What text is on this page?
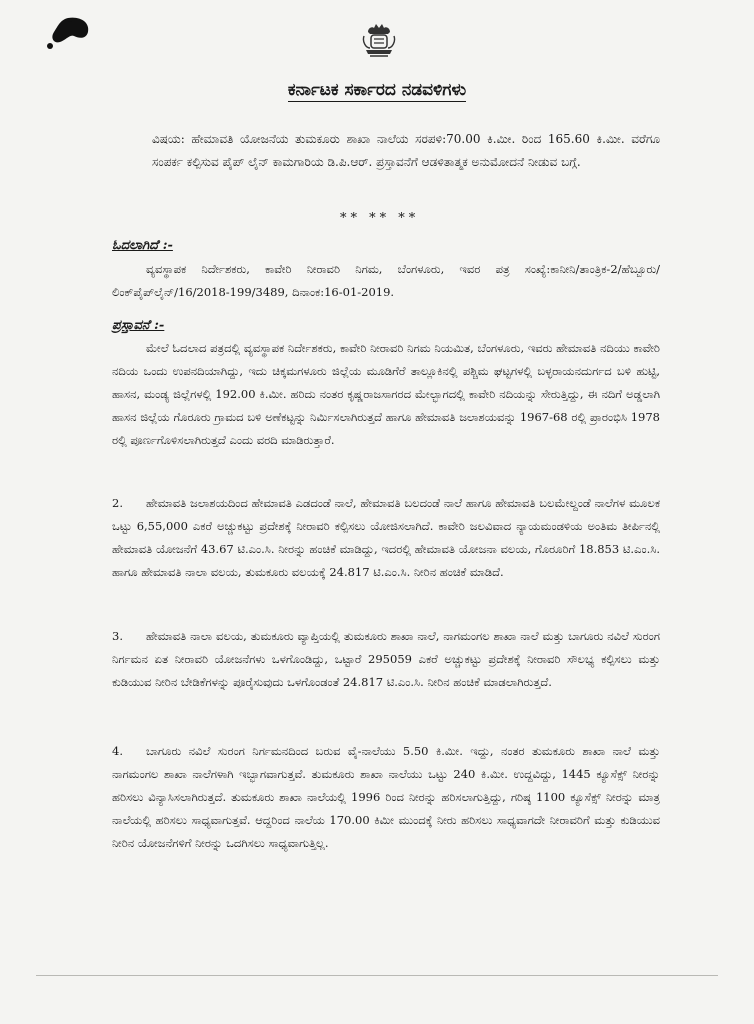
ಕರ್ನಾಟಕ ಸರ್ಕಾರದ ನಡವಳಿಗಳು
ವಿಷಯ: ಹೇಮಾವತಿ ಯೋಜನೆಯ ತುಮಕೂರು ಶಾಖಾ ನಾಲೆಯ ಸರಪಳಿ:70.00 ಕಿ.ಮೀ. ರಿಂದ 165.60 ಕಿ.ಮೀ. ವರೆಗೂ ಸಂಪರ್ಕ ಕಲ್ಪಿಸುವ ಪೈಪ್ ಲೈನ್ ಕಾಮಗಾರಿಯ ಡಿ.ಪಿ.ಆರ್. ಪ್ರಸ್ತಾವನೆಗೆ ಆಡಳಿತಾತ್ಮಕ ಅನುಮೋದನೆ ನೀಡುವ ಬಗ್ಗೆ.
** ** **
ಓದಲಾಗಿದೆ :-
ವ್ಯವಸ್ಥಾಪಕ ನಿರ್ದೇಶಕರು, ಕಾವೇರಿ ನೀರಾವರಿ ನಿಗಮ, ಬೆಂಗಳೂರು, ಇವರ ಪತ್ರ ಸಂಖ್ಯೆ:ಕಾನೀನಿ/ತಾಂತ್ರಿಕ-2/ಹೆಬ್ಬೂರು/ಲಿಂಕ್‌ಪೈಪ್‌ಲೈನ್/16/2018-199/3489, ದಿನಾಂಕ:16-01-2019.
ಪ್ರಸ್ತಾವನೆ :-
ಮೇಲೆ ಓದಲಾದ ಪತ್ರದಲ್ಲಿ ವ್ಯವಸ್ಥಾಪಕ ನಿರ್ದೇಶಕರು, ಕಾವೇರಿ ನೀರಾವರಿ ನಿಗಮ ನಿಯಮಿತ, ಬೆಂಗಳೂರು, ಇವರು ಹೇಮಾವತಿ ನದಿಯು ಕಾವೇರಿ ನದಿಯ ಒಂದು ಉಪನದಿಯಾಗಿದ್ದು, ಇದು ಚಿಕ್ಕಮಗಳೂರು ಜಿಲ್ಲೆಯ ಮೂಡಿಗೆರೆ ತಾಲ್ಲೂಕಿನಲ್ಲಿ ಪಶ್ಚಿಮ ಘಟ್ಟಗಳಲ್ಲಿ ಬಳ್ಳರಾಯನದುರ್ಗದ ಬಳಿ ಹುಟ್ಟಿ, ಹಾಸನ, ಮಂಡ್ಯ ಜಿಲ್ಲೆಗಳಲ್ಲಿ 192.00 ಕಿ.ಮೀ. ಹರಿದು ನಂತರ ಕೃಷ್ಣರಾಜಸಾಗರದ ಮೇಲ್ಭಾಗದಲ್ಲಿ ಕಾವೇರಿ ನದಿಯನ್ನು ಸೇರುತ್ತಿದ್ದು, ಈ ನದಿಗೆ ಅಡ್ಡಲಾಗಿ ಹಾಸನ ಜಿಲ್ಲೆಯ ಗೊರೂರು ಗ್ರಾಮದ ಬಳಿ ಅಣೆಕಟ್ಟನ್ನು ನಿರ್ಮಿಸಲಾಗಿರುತ್ತದೆ ಹಾಗೂ ಹೇಮಾವತಿ ಜಲಾಶಯವನ್ನು 1967-68 ರಲ್ಲಿ ಪ್ರಾರಂಭಿಸಿ 1978 ರಲ್ಲಿ ಪೂರ್ಣಗೊಳಿಸಲಾಗಿರುತ್ತದೆ ಎಂದು ವರದಿ ಮಾಡಿರುತ್ತಾರೆ.
2. ಹೇಮಾವತಿ ಜಲಾಶಯದಿಂದ ಹೇಮಾವತಿ ಎಡದಂಡೆ ನಾಲೆ, ಹೇಮಾವತಿ ಬಲದಂಡೆ ನಾಲೆ ಹಾಗೂ ಹೇಮಾವತಿ ಬಲಮೇಲ್ದಂಡೆ ನಾಲೆಗಳ ಮೂಲಕ ಒಟ್ಟು 6,55,000 ಎಕರೆ ಅಚ್ಚುಕಟ್ಟು ಪ್ರದೇಶಕ್ಕೆ ನೀರಾವರಿ ಕಲ್ಪಿಸಲು ಯೋಜಿಸಲಾಗಿದೆ. ಕಾವೇರಿ ಜಲವಿವಾದ ನ್ಯಾಯಮಂಡಳಿಯ ಅಂತಿಮ ತೀರ್ಪಿನಲ್ಲಿ ಹೇಮಾವತಿ ಯೋಜನೆಗೆ 43.67 ಟಿ.ಎಂ.ಸಿ. ನೀರನ್ನು ಹಂಚಿಕೆ ಮಾಡಿದ್ದು, ಇದರಲ್ಲಿ ಹೇಮಾವತಿ ಯೋಜನಾ ವಲಯ, ಗೊರೂರಿಗೆ 18.853 ಟಿ.ಎಂ.ಸಿ. ಹಾಗೂ ಹೇಮಾವತಿ ನಾಲಾ ವಲಯ, ತುಮಕೂರು ವಲಯಕ್ಕೆ 24.817 ಟಿ.ಎಂ.ಸಿ. ನೀರಿನ ಹಂಚಿಕೆ ಮಾಡಿದೆ.
3. ಹೇಮಾವತಿ ನಾಲಾ ವಲಯ, ತುಮಕೂರು ವ್ಯಾಪ್ತಿಯಲ್ಲಿ ತುಮಕೂರು ಶಾಖಾ ನಾಲೆ, ನಾಗಮಂಗಲ ಶಾಖಾ ನಾಲೆ ಮತ್ತು ಬಾಗೂರು ನವಿಲೆ ಸುರಂಗ ನಿರ್ಗಮನ ಏತ ನೀರಾವರಿ ಯೋಜನೆಗಳು ಒಳಗೊಂಡಿದ್ದು, ಒಟ್ಟಾರೆ 295059 ಎಕರೆ ಅಚ್ಚುಕಟ್ಟು ಪ್ರದೇಶಕ್ಕೆ ನೀರಾವರಿ ಸೌಲಭ್ಯ ಕಲ್ಪಿಸಲು ಮತ್ತು ಕುಡಿಯುವ ನೀರಿನ ಬೇಡಿಕೆಗಳನ್ನು ಪೂರೈಸುವುದು ಒಳಗೊಂಡಂತೆ 24.817 ಟಿ.ಎಂ.ಸಿ. ನೀರಿನ ಹಂಚಿಕೆ ಮಾಡಲಾಗಿರುತ್ತದೆ.
4. ಬಾಗೂರು ನವಿಲೆ ಸುರಂಗ ನಿರ್ಗಮನದಿಂದ ಬರುವ ವೈ-ನಾಲೆಯು 5.50 ಕಿ.ಮೀ. ಇದ್ದು, ನಂತರ ತುಮಕೂರು ಶಾಖಾ ನಾಲೆ ಮತ್ತು ನಾಗಮಂಗಲ ಶಾಖಾ ನಾಲೆಗಳಾಗಿ ಇಬ್ಭಾಗವಾಗುತ್ತವೆ. ತುಮಕೂರು ಶಾಖಾ ನಾಲೆಯು ಒಟ್ಟು 240 ಕಿ.ಮೀ. ಉದ್ದವಿದ್ದು, 1445 ಕ್ಯೂಸೆಕ್ಸ್ ನೀರನ್ನು ಹರಿಸಲು ವಿನ್ಯಾಸಿಸಲಾಗಿರುತ್ತದೆ. ತುಮಕೂರು ಶಾಖಾ ನಾಲೆಯಲ್ಲಿ 1996 ರಿಂದ ನೀರನ್ನು ಹರಿಸಲಾಗುತ್ತಿದ್ದು, ಗರಿಷ್ಠ 1100 ಕ್ಯೂಸೆಕ್ಸ್ ನೀರನ್ನು ಮಾತ್ರ ನಾಲೆಯಲ್ಲಿ ಹರಿಸಲು ಸಾಧ್ಯವಾಗುತ್ತವೆ. ಆದ್ದರಿಂದ ನಾಲೆಯ 170.00 ಕಿಮೀ ಮುಂದಕ್ಕೆ ನೀರು ಹರಿಸಲು ಸಾಧ್ಯವಾಗದೇ ನೀರಾವರಿಗೆ ಮತ್ತು ಕುಡಿಯುವ ನೀರಿನ ಯೋಜನೆಗಳಿಗೆ ನೀರನ್ನು ಒದಗಿಸಲು ಸಾಧ್ಯವಾಗುತ್ತಿಲ್ಲ.
